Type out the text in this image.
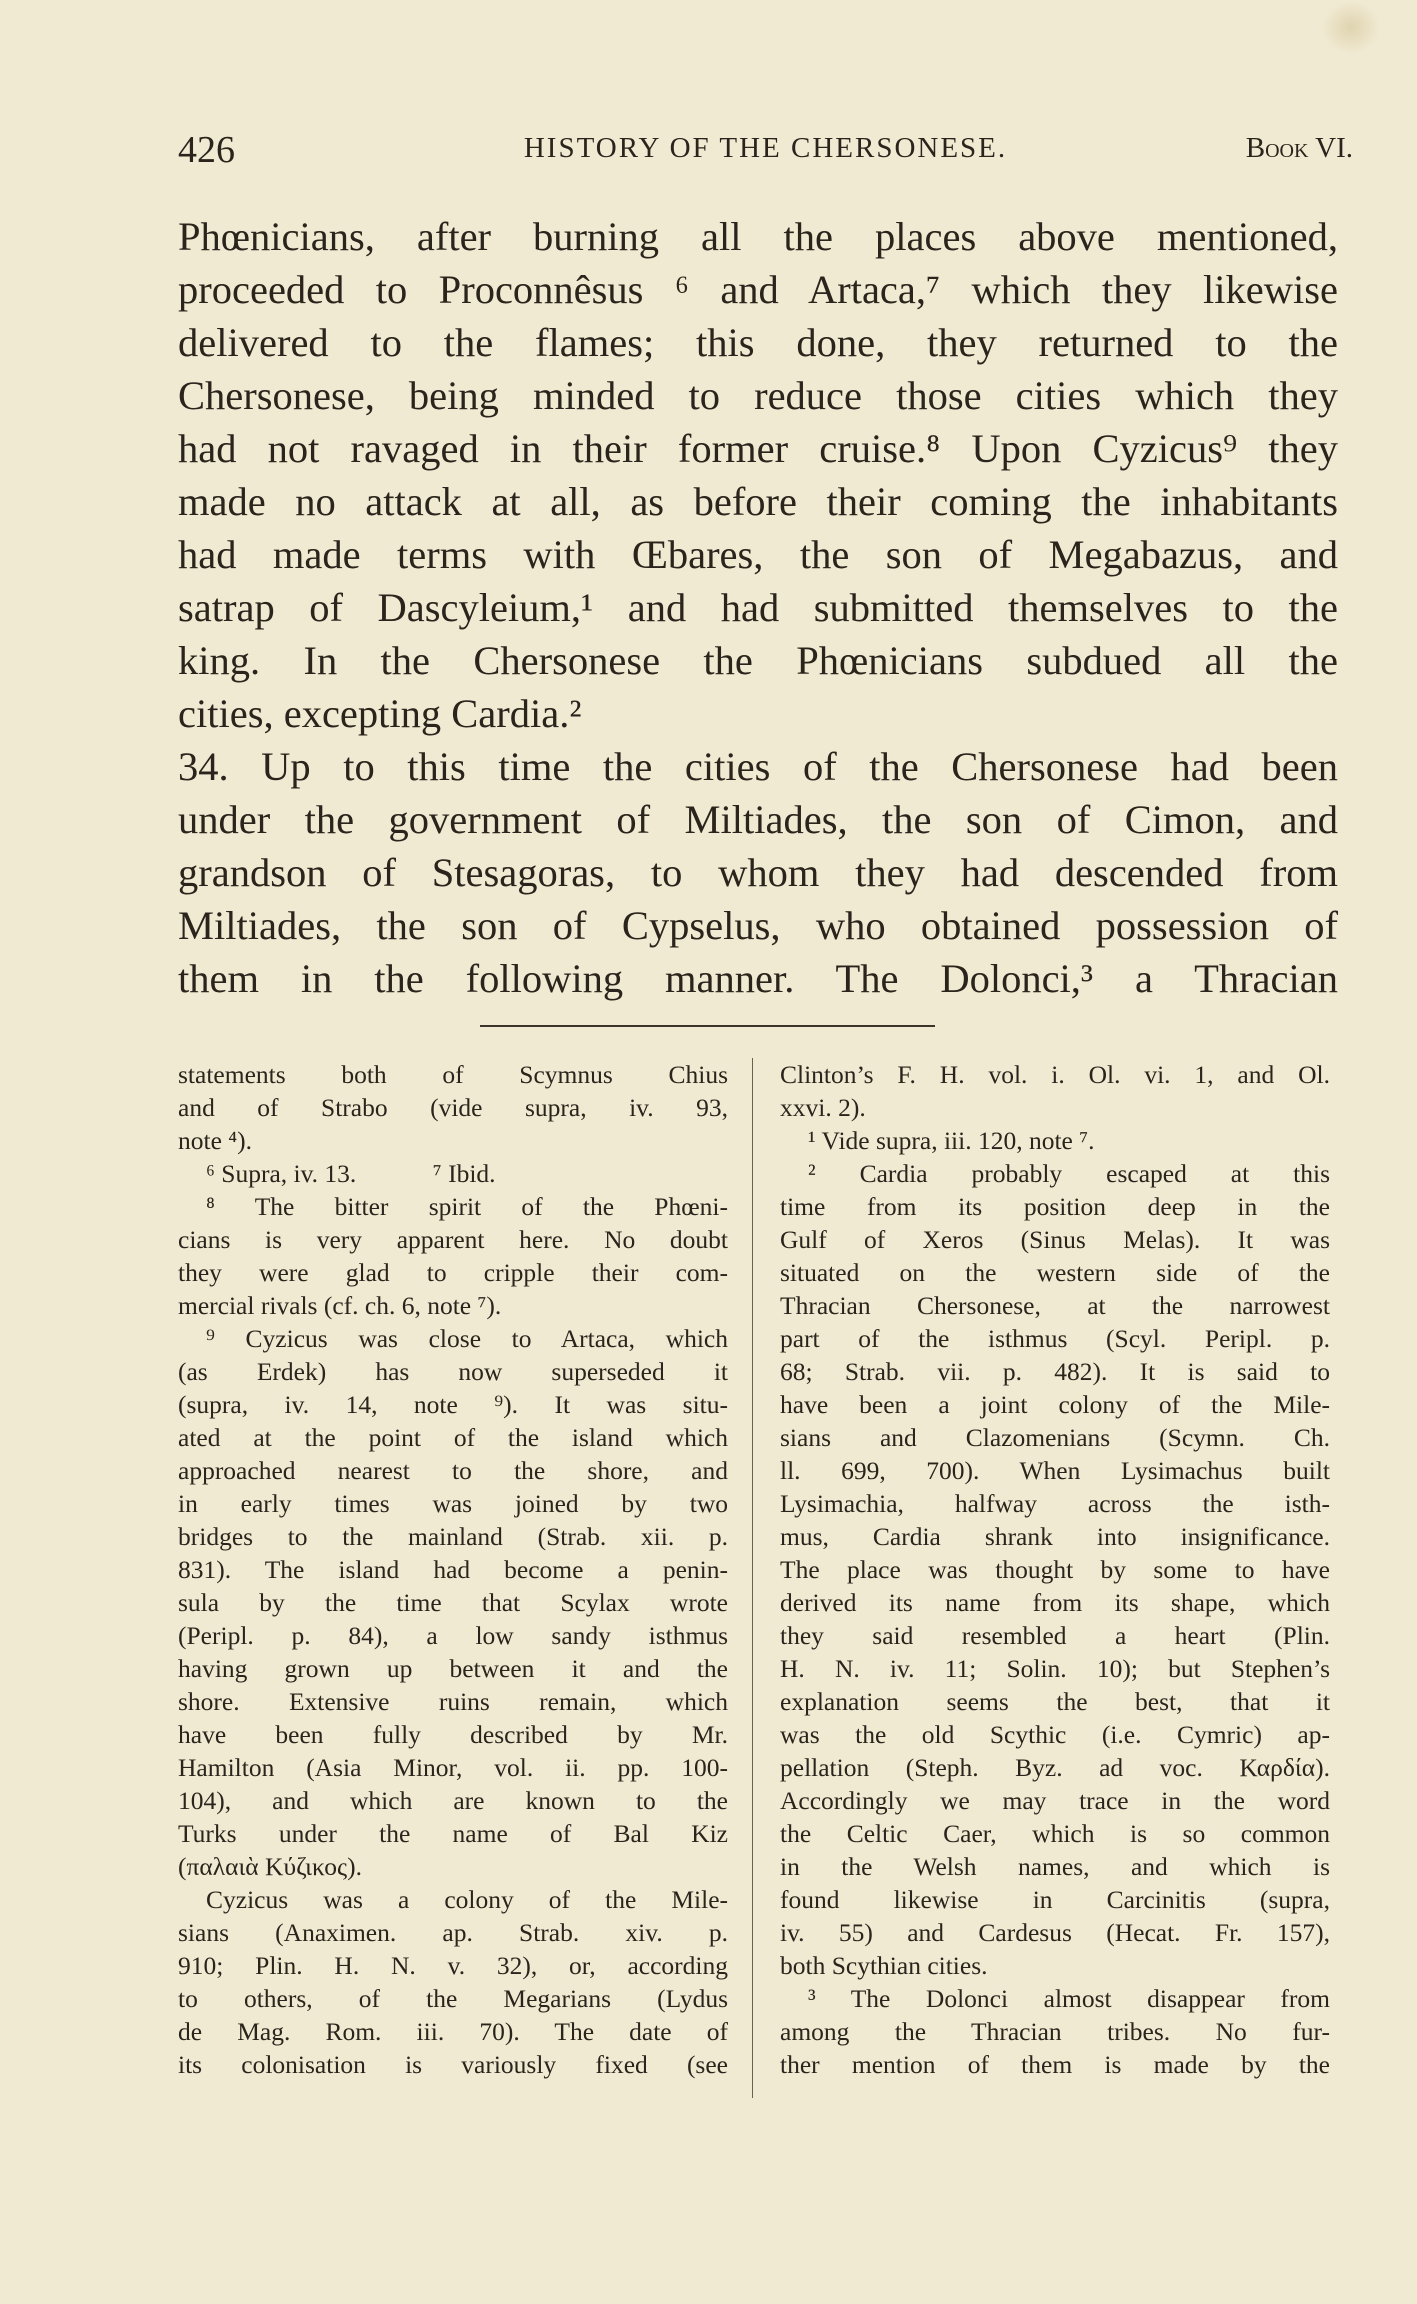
426	HISTORY OF THE CHERSONESE.	Book VI.
Phœnicians, after burning all the places above mentioned,
proceeded to Proconnêsus ⁶ and Artaca,⁷ which they likewise
delivered to the flames; this done, they returned to the
Chersonese, being minded to reduce those cities which they
had not ravaged in their former cruise.⁸ Upon Cyzicus⁹ they
made no attack at all, as before their coming the inhabitants
had made terms with Œbares, the son of Megabazus, and
satrap of Dascyleium,¹ and had submitted themselves to the
king. In the Chersonese the Phœnicians subdued all the
cities, excepting Cardia.²
34. Up to this time the cities of the Chersonese had been
under the government of Miltiades, the son of Cimon, and
grandson of Stesagoras, to whom they had descended from
Miltiades, the son of Cypselus, who obtained possession of
them in the following manner. The Dolonci,³ a Thracian
statements both of Scymnus Chius
and of Strabo (vide supra, iv. 93,
note ⁴).
⁶ Supra, iv. 13.            ⁷ Ibid.
⁸ The bitter spirit of the Phœni-
cians is very apparent here. No doubt
they were glad to cripple their com-
mercial rivals (cf. ch. 6, note ⁷).
⁹ Cyzicus was close to Artaca, which
(as Erdek) has now superseded it
(supra, iv. 14, note ⁹). It was situ-
ated at the point of the island which
approached nearest to the shore, and
in early times was joined by two
bridges to the mainland (Strab. xii. p.
831). The island had become a penin-
sula by the time that Scylax wrote
(Peripl. p. 84), a low sandy isthmus
having grown up between it and the
shore. Extensive ruins remain, which
have been fully described by Mr.
Hamilton (Asia Minor, vol. ii. pp. 100-
104), and which are known to the
Turks under the name of Bal Kiz
(παλαιὰ Κύζικος).
Cyzicus was a colony of the Mile-
sians (Anaximen. ap. Strab. xiv. p.
910; Plin. H. N. v. 32), or, according
to others, of the Megarians (Lydus
de Mag. Rom. iii. 70). The date of
its colonisation is variously fixed (see
Clinton’s F. H. vol. i. Ol. vi. 1, and Ol.
xxvi. 2).
¹ Vide supra, iii. 120, note ⁷.
² Cardia probably escaped at this
time from its position deep in the
Gulf of Xeros (Sinus Melas). It was
situated on the western side of the
Thracian Chersonese, at the narrowest
part of the isthmus (Scyl. Peripl. p.
68; Strab. vii. p. 482). It is said to
have been a joint colony of the Mile-
sians and Clazomenians (Scymn. Ch.
ll. 699, 700). When Lysimachus built
Lysimachia, halfway across the isth-
mus, Cardia shrank into insignificance.
The place was thought by some to have
derived its name from its shape, which
they said resembled a heart (Plin.
H. N. iv. 11; Solin. 10); but Stephen’s
explanation seems the best, that it
was the old Scythic (i.e. Cymric) ap-
pellation (Steph. Byz. ad voc. Καρδία).
Accordingly we may trace in the word
the Celtic Caer, which is so common
in the Welsh names, and which is
found likewise in Carcinitis (supra,
iv. 55) and Cardesus (Hecat. Fr. 157),
both Scythian cities.
³ The Dolonci almost disappear from
among the Thracian tribes. No fur-
ther mention of them is made by the
